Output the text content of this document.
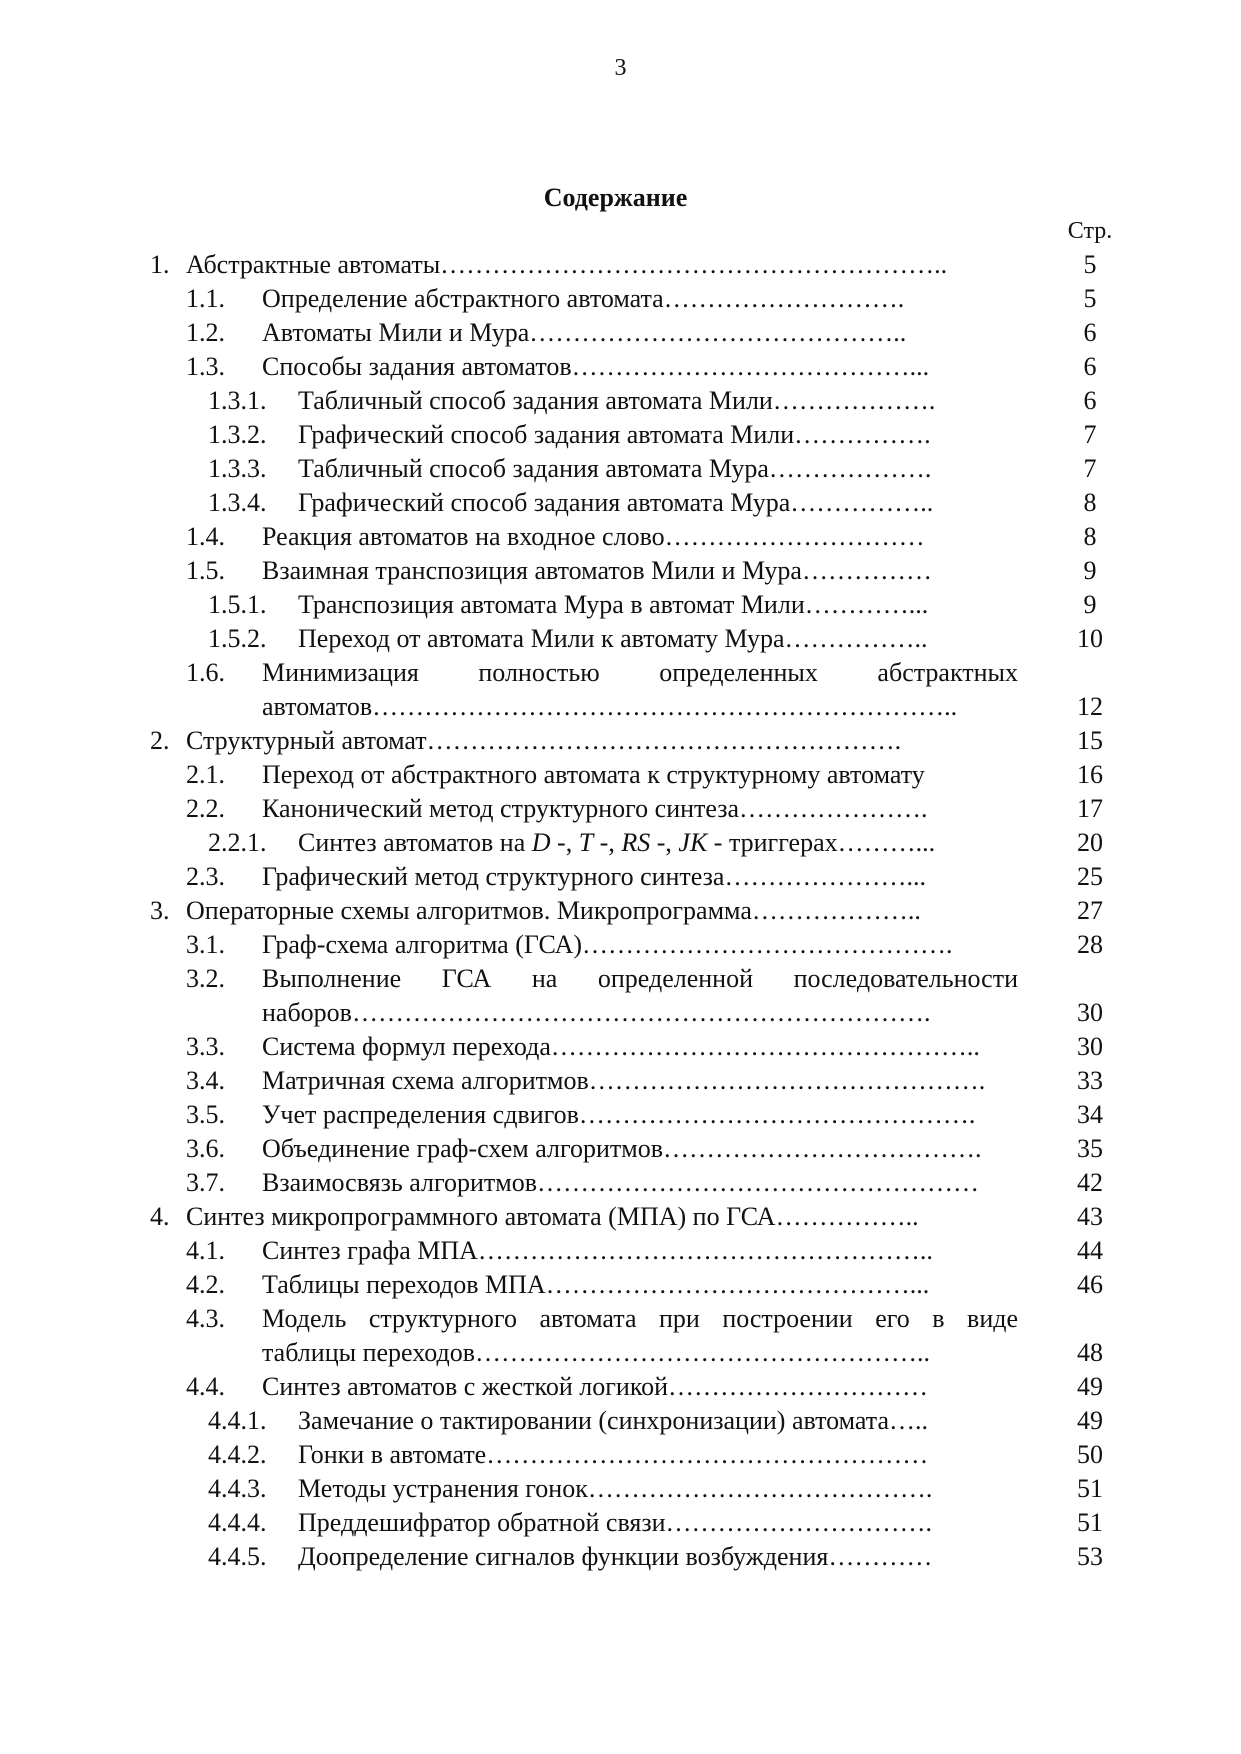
3
Содержание
Стр.
1. Абстрактные автоматы…………………………………………………..	5
1.1. Определение абстрактного автомата……………………….	5
1.2. Автоматы Мили и Мура……………………………………..	6
1.3. Способы задания автоматов…………………………………...	6
1.3.1. Табличный способ задания автомата Мили……………….	6
1.3.2. Графический способ задания автомата Мили…………….	7
1.3.3. Табличный способ задания автомата Мура……………….	7
1.3.4. Графический способ задания автомата Мура……………..	8
1.4. Реакция автоматов на входное слово…………………………	8
1.5. Взаимная транспозиция автоматов Мили и Мура……………	9
1.5.1. Транспозиция автомата Мура в автомат Мили…………...	9
1.5.2. Переход от автомата Мили к автомату Мура……………..	10
1.6. Минимизация полностью определенных абстрактных
автоматов…………………………………………………………..	12
2. Структурный автомат……………………………………………….	15
2.1. Переход от абстрактного автомата к структурному автомату	16
2.2. Канонический метод структурного синтеза………………….	17
2.2.1. Синтез автоматов на D -, T -, RS -, JK - триггерах………...	20
2.3. Графический метод структурного синтеза…………………...	25
3. Операторные схемы алгоритмов. Микропрограмма………………..	27
3.1. Граф-схема алгоритма (ГСА)…………………………………….	28
3.2. Выполнение ГСА на определенной последовательности
наборов………………………………………………………….	30
3.3. Система формул перехода…………………………………………..	30
3.4. Матричная схема алгоритмов……………………………………….	33
3.5. Учет распределения сдвигов……………………………………….	34
3.6. Объединение граф-схем алгоритмов……………………………….	35
3.7. Взаимосвязь алгоритмов……………………………………………	42
4. Синтез микропрограммного автомата (МПА) по ГСА……………..	43
4.1. Синтез графа МПА……………………………………………..	44
4.2. Таблицы переходов МПА……………………………………...	46
4.3. Модель структурного автомата при построении его в виде
таблицы переходов……………………………………………..	48
4.4. Синтез автоматов с жесткой логикой…………………………	49
4.4.1. Замечание о тактировании (синхронизации) автомата…..	49
4.4.2. Гонки в автомате……………………………………………	50
4.4.3. Методы устранения гонок………………………………….	51
4.4.4. Преддешифратор обратной связи………………………….	51
4.4.5. Доопределение сигналов функции возбуждения…………	53
